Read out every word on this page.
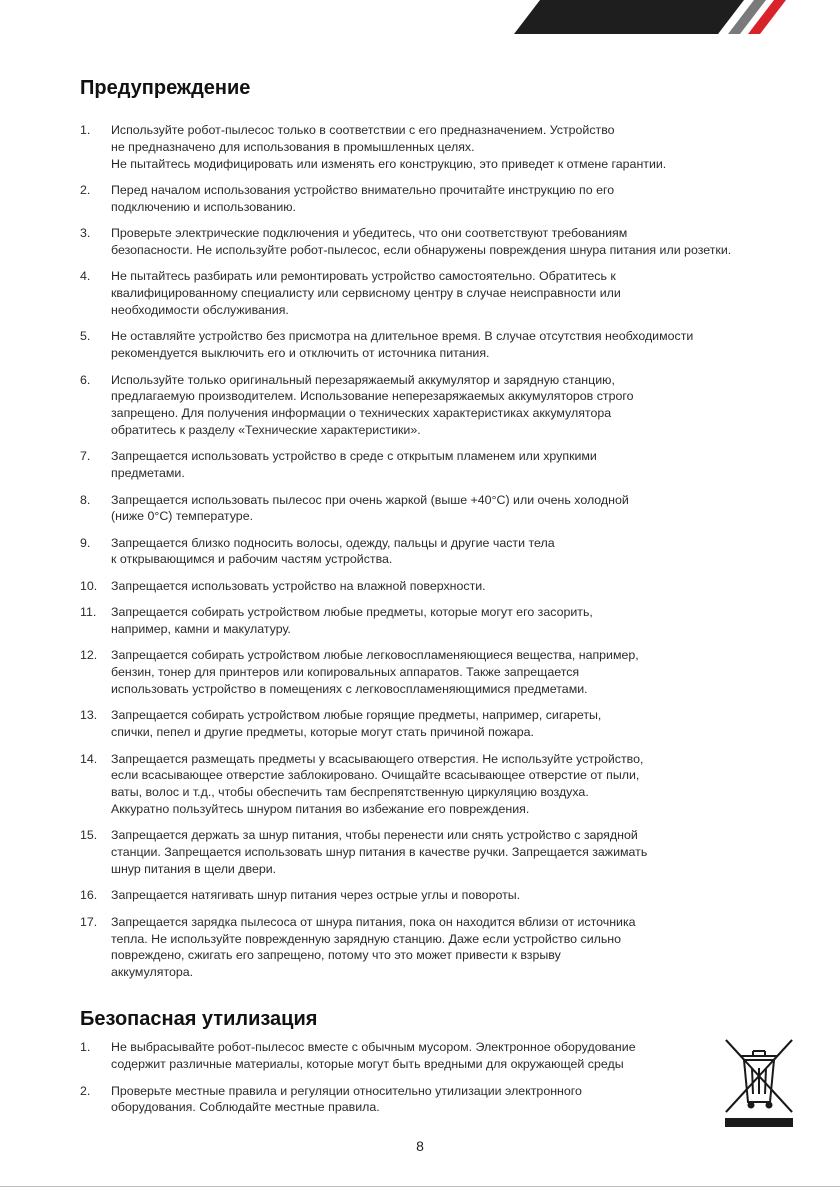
Предупреждение
1. Используйте робот-пылесос только в соответствии с его предназначением. Устройство
не предназначено для использования в промышленных целях.
Не пытайтесь модифицировать или изменять его конструкцию, это приведет к отмене гарантии.
2. Перед началом использования устройство внимательно прочитайте инструкцию по его
подключению и использованию.
3. Проверьте электрические подключения и убедитесь, что они соответствуют требованиям
безопасности. Не используйте робот-пылесос, если обнаружены повреждения шнура питания или розетки.
4. Не пытайтесь разбирать или ремонтировать устройство самостоятельно. Обратитесь к
квалифицированному специалисту или сервисному центру в случае неисправности или
необходимости обслуживания.
5. Не оставляйте устройство без присмотра на длительное время. В случае отсутствия необходимости
рекомендуется выключить его и отключить от источника питания.
6. Используйте только оригинальный перезаряжаемый аккумулятор и зарядную станцию,
предлагаемую производителем. Использование неперезаряжаемых аккумуляторов строго
запрещено. Для получения информации о технических характеристиках аккумулятора
обратитесь к разделу «Технические характеристики».
7. Запрещается использовать устройство в среде с открытым пламенем или хрупкими
предметами.
8. Запрещается использовать пылесос при очень жаркой (выше +40°С) или очень холодной
(ниже 0°С) температуре.
9. Запрещается близко подносить волосы, одежду, пальцы и другие части тела
к открывающимся и рабочим частям устройства.
10. Запрещается использовать устройство на влажной поверхности.
11. Запрещается собирать устройством любые предметы, которые могут его засорить,
например, камни и макулатуру.
12. Запрещается собирать устройством любые легковоспламеняющиеся вещества, например,
бензин, тонер для принтеров или копировальных аппаратов. Также запрещается
использовать устройство в помещениях с легковоспламеняющимися предметами.
13. Запрещается собирать устройством любые горящие предметы, например, сигареты,
спички, пепел и другие предметы, которые могут стать причиной пожара.
14. Запрещается размещать предметы у всасывающего отверстия. Не используйте устройство,
если всасывающее отверстие заблокировано. Очищайте всасывающее отверстие от пыли,
ваты, волос и т.д., чтобы обеспечить там беспрепятственную циркуляцию воздуха.
Аккуратно пользуйтесь шнуром питания во избежание его повреждения.
15. Запрещается держать за шнур питания, чтобы перенести или снять устройство с зарядной
станции. Запрещается использовать шнур питания в качестве ручки. Запрещается зажимать
шнур питания в щели двери.
16. Запрещается натягивать шнур питания через острые углы и повороты.
17. Запрещается зарядка пылесоса от шнура питания, пока он находится вблизи от источника
тепла. Не используйте поврежденную зарядную станцию. Даже если устройство сильно
повреждено, сжигать его запрещено, потому что это может привести к взрыву
аккумулятора.
Безопасная утилизация
1. Не выбрасывайте робот-пылесос вместе с обычным мусором. Электронное оборудование
содержит различные материалы, которые могут быть вредными для окружающей среды
2. Проверьте местные правила и регуляции относительно утилизации электронного
оборудования. Соблюдайте местные правила.
8
